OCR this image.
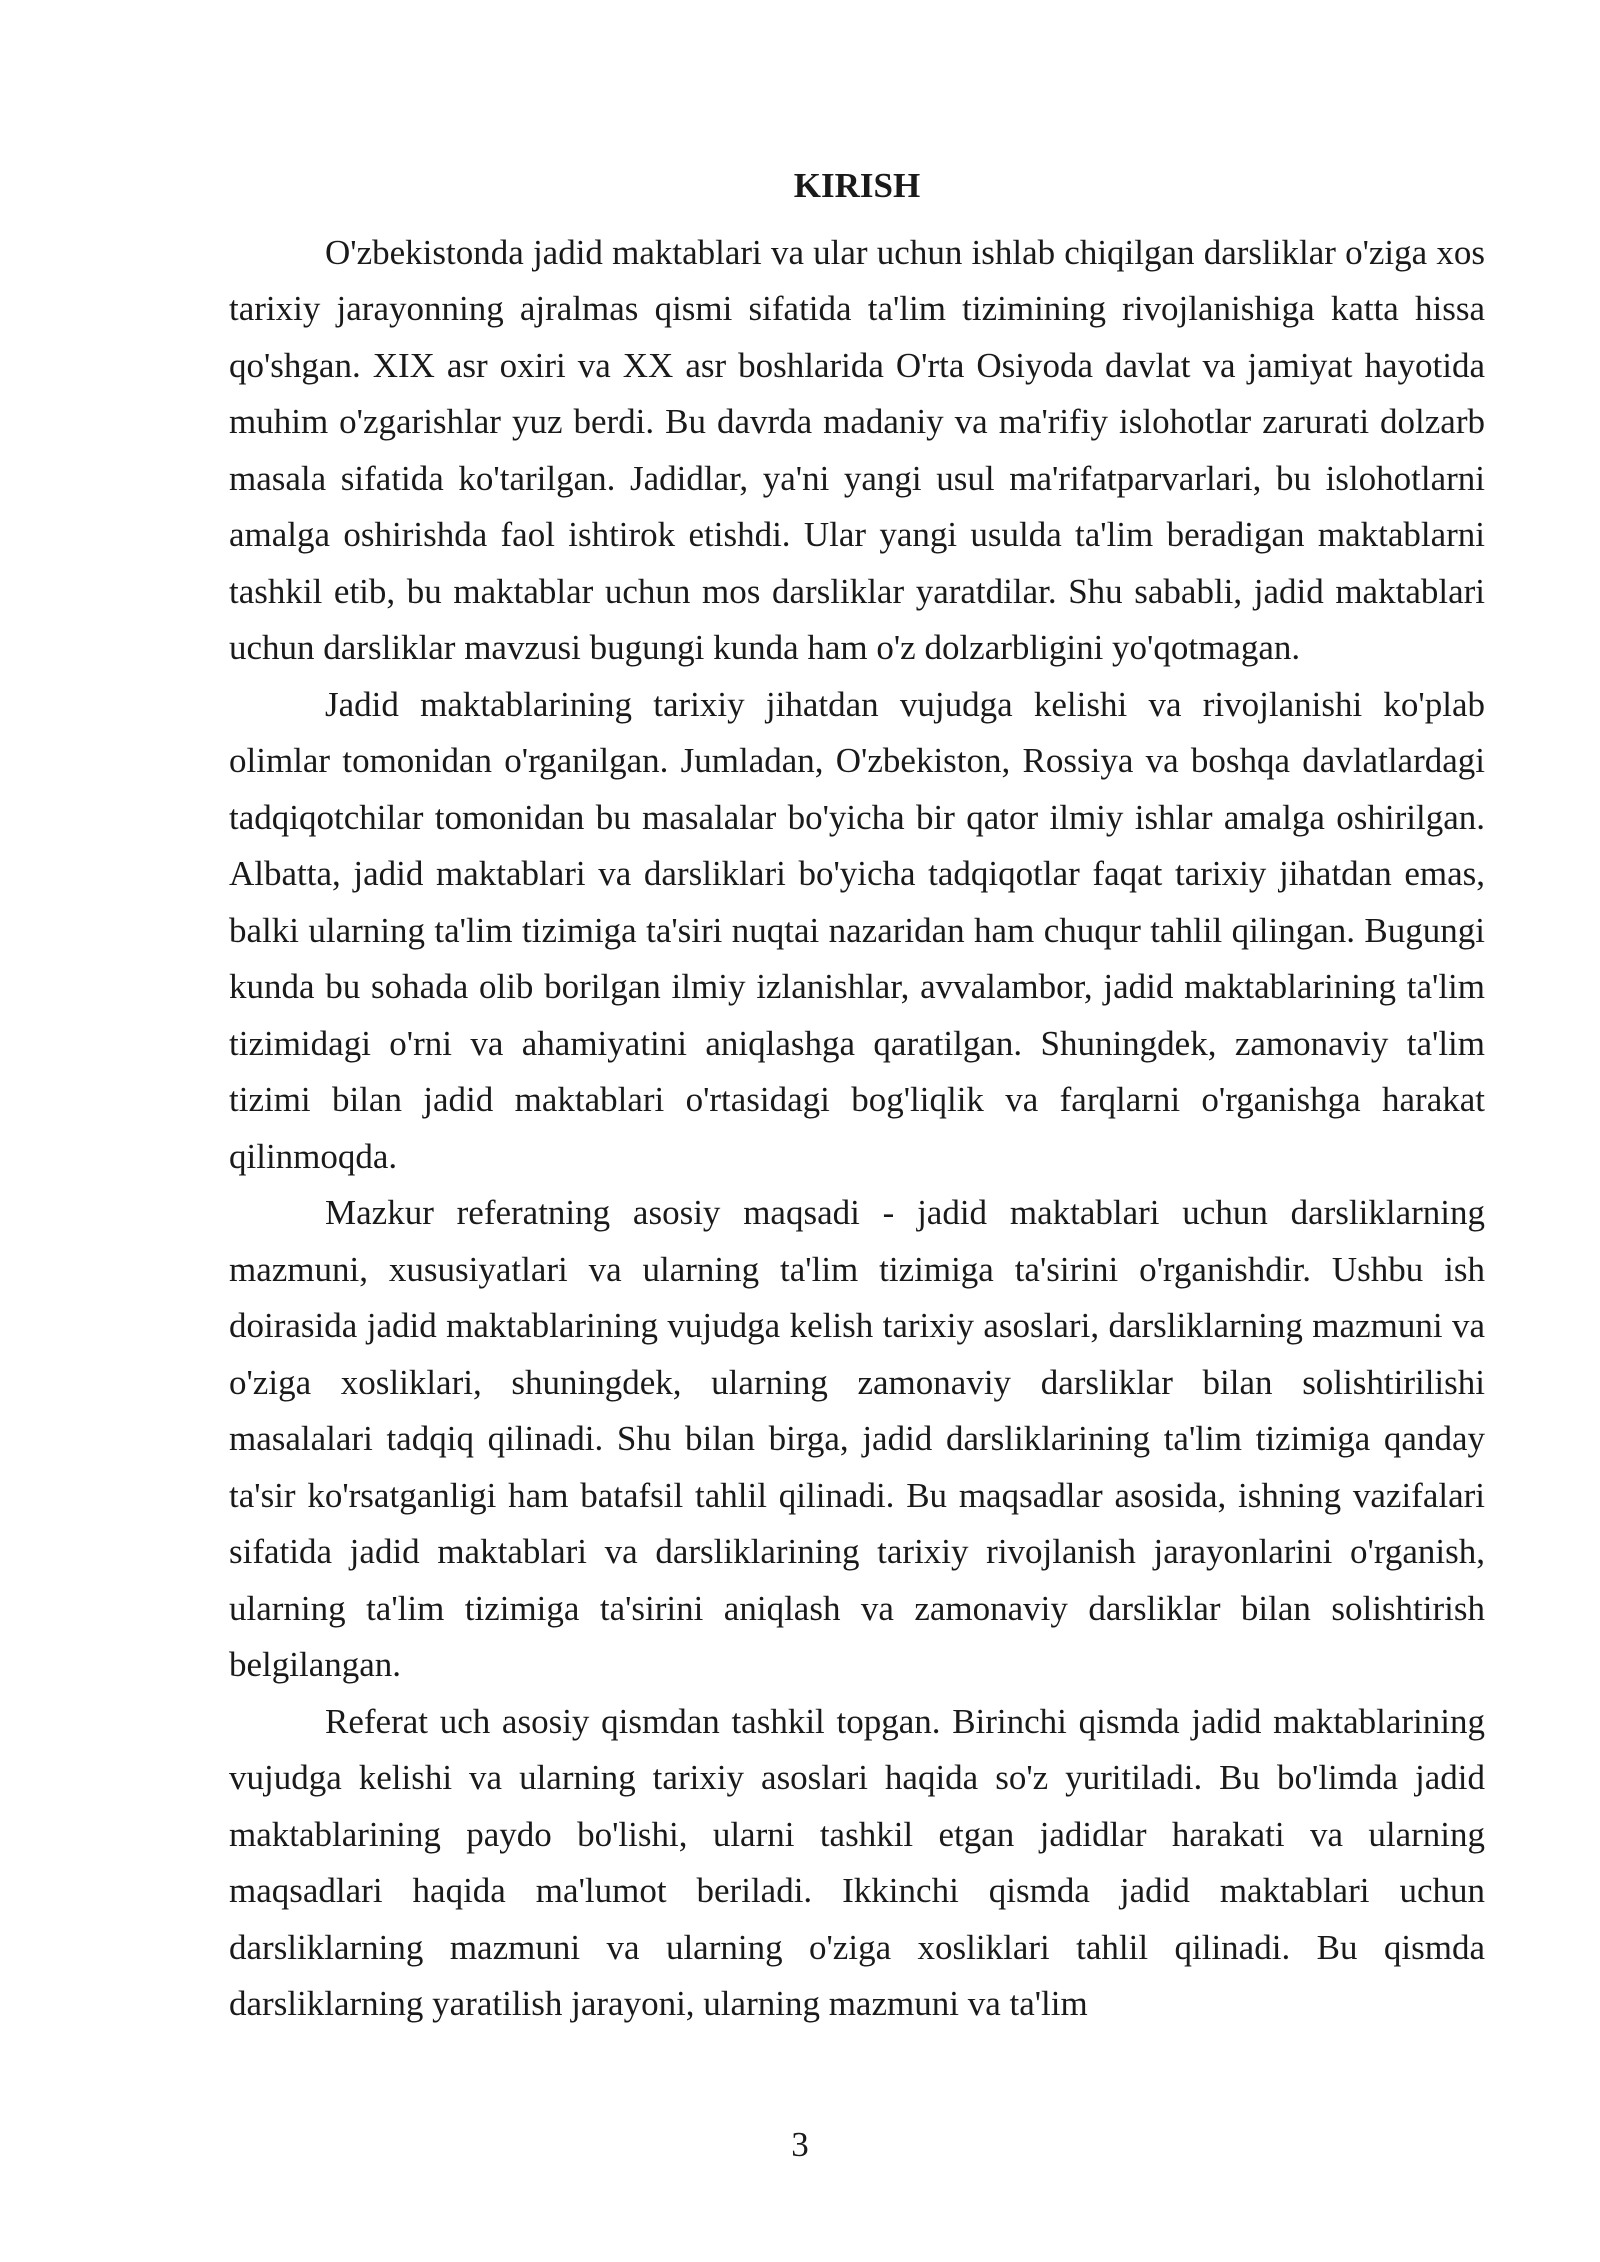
KIRISH

O'zbekistonda jadid maktablari va ular uchun ishlab chiqilgan darsliklar o'ziga xos tarixiy jarayonning ajralmas qismi sifatida ta'lim tizimining rivojlanishiga katta hissa qo'shgan. XIX asr oxiri va XX asr boshlarida O'rta Osiyoda davlat va jamiyat hayotida muhim o'zgarishlar yuz berdi. Bu davrda madaniy va ma'rifiy islohotlar zarurati dolzarb masala sifatida ko'tarilgan. Jadidlar, ya'ni yangi usul ma'rifatparvarlari, bu islohotlarni amalga oshirishda faol ishtirok etishdi. Ular yangi usulda ta'lim beradigan maktablarni tashkil etib, bu maktablar uchun mos darsliklar yaratdilar. Shu sababli, jadid maktablari uchun darsliklar mavzusi bugungi kunda ham o'z dolzarbligini yo'qotmagan.

Jadid maktablarining tarixiy jihatdan vujudga kelishi va rivojlanishi ko'plab olimlar tomonidan o'rganilgan. Jumladan, O'zbekiston, Rossiya va boshqa davlatlardagi tadqiqotchilar tomonidan bu masalalar bo'yicha bir qator ilmiy ishlar amalga oshirilgan. Albatta, jadid maktablari va darsliklari bo'yicha tadqiqotlar faqat tarixiy jihatdan emas, balki ularning ta'lim tizimiga ta'siri nuqtai nazaridan ham chuqur tahlil qilingan. Bugungi kunda bu sohada olib borilgan ilmiy izlanishlar, avvalambor, jadid maktablarining ta'lim tizimidagi o'rni va ahamiyatini aniqlashga qaratilgan. Shuningdek, zamonaviy ta'lim tizimi bilan jadid maktablari o'rtasidagi bog'liqlik va farqlarni o'rganishga harakat qilinmoqda.

Mazkur referatning asosiy maqsadi - jadid maktablari uchun darsliklarning mazmuni, xususiyatlari va ularning ta'lim tizimiga ta'sirini o'rganishdir. Ushbu ish doirasida jadid maktablarining vujudga kelish tarixiy asoslari, darsliklarning mazmuni va o'ziga xosliklari, shuningdek, ularning zamonaviy darsliklar bilan solishtirilishi masalalari tadqiq qilinadi. Shu bilan birga, jadid darsliklarining ta'lim tizimiga qanday ta'sir ko'rsatganligi ham batafsil tahlil qilinadi. Bu maqsadlar asosida, ishning vazifalari sifatida jadid maktablari va darsliklarining tarixiy rivojlanish jarayonlarini o'rganish, ularning ta'lim tizimiga ta'sirini aniqlash va zamonaviy darsliklar bilan solishtirish belgilangan.

Referat uch asosiy qismdan tashkil topgan. Birinchi qismda jadid maktablarining vujudga kelishi va ularning tarixiy asoslari haqida so'z yuritiladi. Bu bo'limda jadid maktablarining paydo bo'lishi, ularni tashkil etgan jadidlar harakati va ularning maqsadlari haqida ma'lumot beriladi. Ikkinchi qismda jadid maktablari uchun darsliklarning mazmuni va ularning o'ziga xosliklari tahlil qilinadi. Bu qismda darsliklarning yaratilish jarayoni, ularning mazmuni va ta'lim

3
